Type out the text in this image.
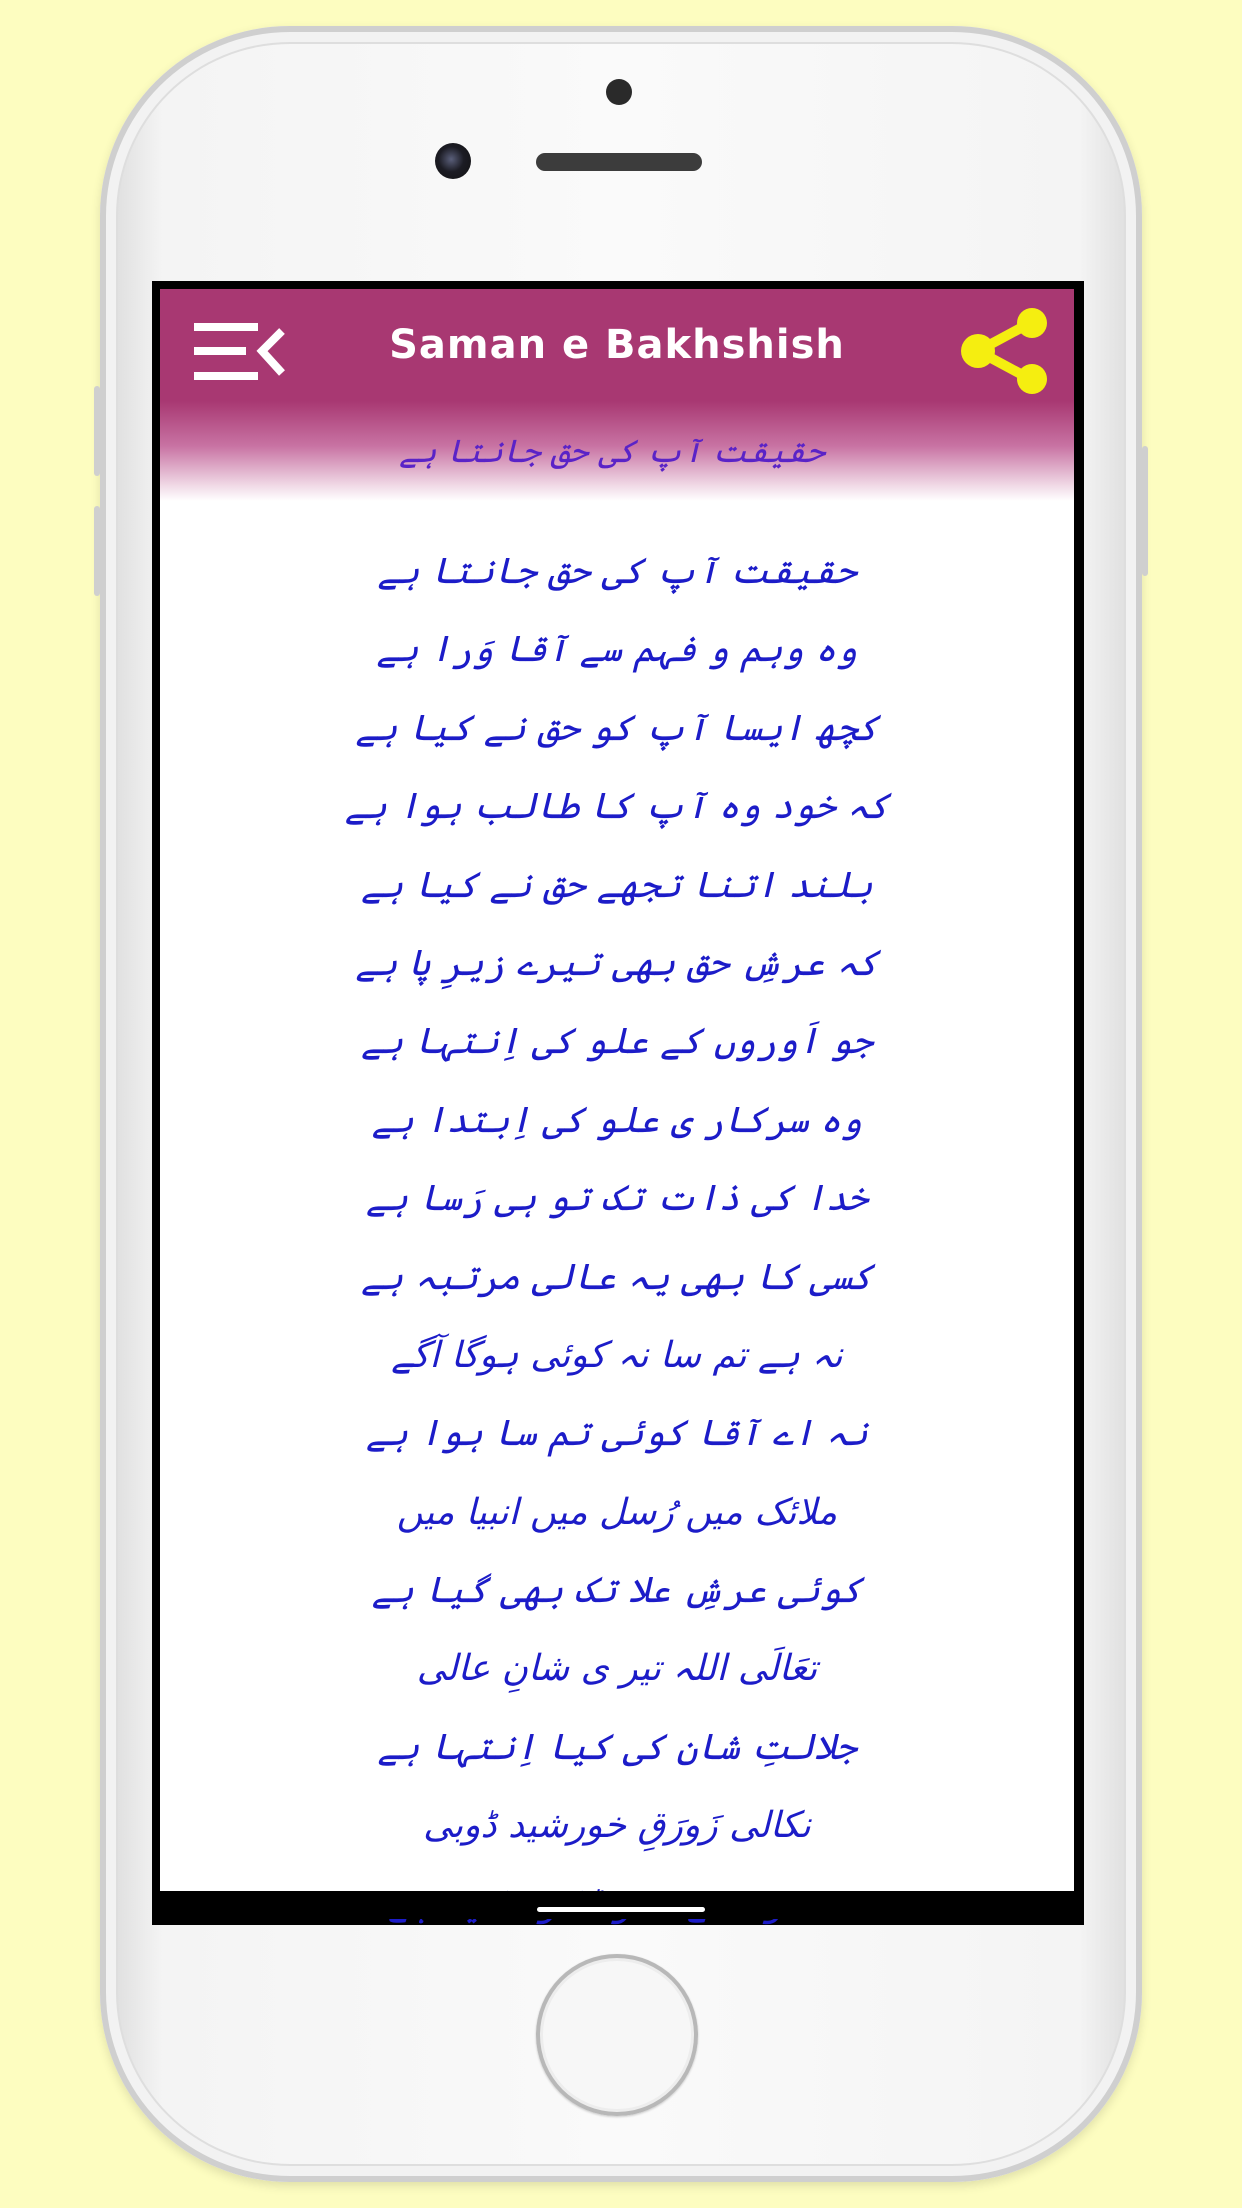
Saman e Bakhshish
حقیقت آپ کی حق جانتا ہے
حقیقت آپ کی حق جانتا ہے
وہ وہم و فہم سے آقا وَرا ہے
کچھ ایسا آپ کو حق نے کیا ہے
کہ خود وہ آپ کا طالب ہوا ہے
بلند اتنا تجھے حق نے کیا ہے
کہ عرشِ حق بھی تیرے زیرِ پا ہے
جو اَوروں کے علو کی اِنتہا ہے
وہ سرکار ی علو کی اِبتدا ہے
خدا کی ذات تک تو ہی رَسا ہے
کسی کا بھی یہ عالی مرتبہ ہے
نہ ہے تم سا نہ کوئی ہوگا آگے
نہ اے آقا کوئی تم سا ہوا ہے
ملائک میں رُسل میں انبیا میں
کوئی عرشِ علا تک بھی گیا ہے
تعَالَی اللہ تیر ی شانِ عالی
جلالتِ شان کی کیا اِنتہا ہے
نکالی زَورَقِ خورشید ڈوبی
